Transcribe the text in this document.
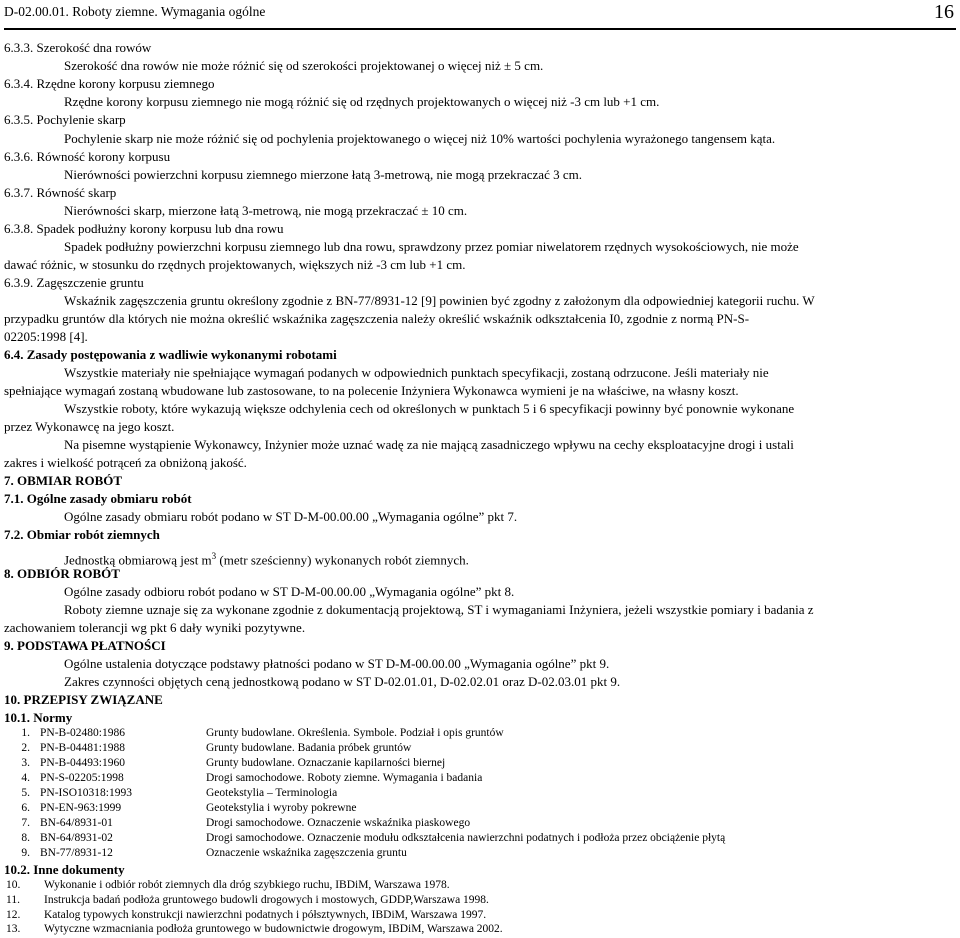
D-02.00.01. Roboty ziemne. Wymagania ogólne	16
6.3.3. Szerokość dna rowów
Szerokość dna rowów nie może różnić się od szerokości projektowanej o więcej niż ± 5 cm.
6.3.4. Rzędne korony korpusu ziemnego
Rzędne korony korpusu ziemnego nie mogą różnić się od rzędnych projektowanych o więcej niż -3 cm lub +1 cm.
6.3.5. Pochylenie skarp
Pochylenie skarp nie może różnić się od pochylenia projektowanego o więcej niż 10% wartości pochylenia wyrażonego tangensem kąta.
6.3.6. Równość korony korpusu
Nierówności powierzchni korpusu ziemnego mierzone łatą 3-metrową, nie mogą przekraczać 3 cm.
6.3.7. Równość skarp
Nierówności skarp, mierzone łatą 3-metrową, nie mogą przekraczać ± 10 cm.
6.3.8. Spadek podłużny korony korpusu lub dna rowu
Spadek podłużny powierzchni korpusu ziemnego lub dna rowu, sprawdzony przez pomiar niwelatorem rzędnych wysokościowych, nie może
dawać różnic, w stosunku do rzędnych projektowanych, większych niż -3 cm lub +1 cm.
6.3.9. Zagęszczenie gruntu
Wskaźnik zagęszczenia gruntu określony zgodnie z BN-77/8931-12 [9] powinien być zgodny z założonym dla odpowiedniej kategorii ruchu. W
przypadku gruntów dla których nie można określić wskaźnika zagęszczenia należy określić wskaźnik odkształcenia I0, zgodnie z normą PN-S-
02205:1998 [4].
6.4. Zasady postępowania z wadliwie wykonanymi robotami
Wszystkie materiały nie spełniające wymagań podanych w odpowiednich punktach specyfikacji, zostaną odrzucone. Jeśli materiały nie
spełniające wymagań zostaną wbudowane lub zastosowane, to na polecenie Inżyniera Wykonawca wymieni je na właściwe, na własny koszt.
Wszystkie roboty, które wykazują większe odchylenia cech od określonych w punktach 5 i 6 specyfikacji powinny być ponownie wykonane
przez Wykonawcę na jego koszt.
Na pisemne wystąpienie Wykonawcy, Inżynier może uznać wadę za nie mającą zasadniczego wpływu na cechy eksploatacyjne drogi i ustali
zakres i wielkość potrąceń za obniżoną jakość.
7. OBMIAR ROBÓT
7.1. Ogólne zasady obmiaru robót
Ogólne zasady obmiaru robót podano w ST D-M-00.00.00 „Wymagania ogólne” pkt 7.
7.2. Obmiar robót ziemnych
Jednostką obmiarową jest $m^3$ (metr sześcienny) wykonanych robót ziemnych.
8. ODBIÓR ROBÓT
Ogólne zasady odbioru robót podano w ST D-M-00.00.00 „Wymagania ogólne” pkt 8.
Roboty ziemne uznaje się za wykonane zgodnie z dokumentacją projektową, ST i wymaganiami Inżyniera, jeżeli wszystkie pomiary i badania z
zachowaniem tolerancji wg pkt 6 dały wyniki pozytywne.
9. PODSTAWA PŁATNOŚCI
Ogólne ustalenia dotyczące podstawy płatności podano w ST D-M-00.00.00 „Wymagania ogólne” pkt 9.
Zakres czynności objętych ceną jednostkową podano w ST D-02.01.01, D-02.02.01 oraz D-02.03.01 pkt 9.
10. PRZEPISY ZWIĄZANE
10.1. Normy
1. PN-B-02480:1986	Grunty budowlane. Określenia. Symbole. Podział i opis gruntów
2. PN-B-04481:1988	Grunty budowlane. Badania próbek gruntów
3. PN-B-04493:1960	Grunty budowlane. Oznaczanie kapilarności biernej
4. PN-S-02205:1998	Drogi samochodowe. Roboty ziemne. Wymagania i badania
5. PN-ISO10318:1993	Geotekstylia – Terminologia
6. PN-EN-963:1999	Geotekstylia i wyroby pokrewne
7. BN-64/8931-01	Drogi samochodowe. Oznaczenie wskaźnika piaskowego
8. BN-64/8931-02	Drogi samochodowe. Oznaczenie modułu odkształcenia nawierzchni podatnych i podłoża przez obciążenie płytą
9. BN-77/8931-12	Oznaczenie wskaźnika zagęszczenia gruntu
10.2. Inne dokumenty
10.	Wykonanie i odbiór robót ziemnych dla dróg szybkiego ruchu, IBDiM, Warszawa 1978.
11.	Instrukcja badań podłoża gruntowego budowli drogowych i mostowych, GDDP,Warszawa 1998.
12.	Katalog typowych konstrukcji nawierzchni podatnych i półsztywnych, IBDiM, Warszawa 1997.
13.	Wytyczne wzmacniania podłoża gruntowego w budownictwie drogowym, IBDiM, Warszawa 2002.
